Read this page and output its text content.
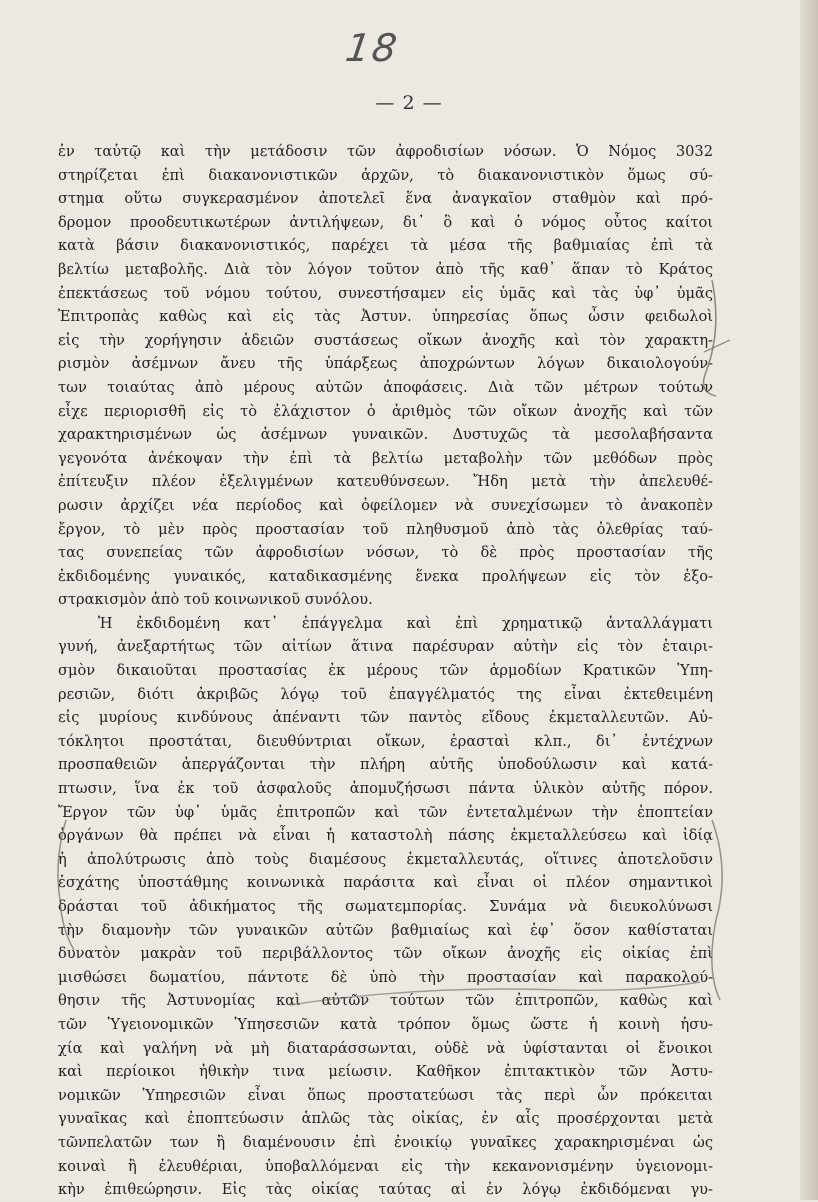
18
— 2 —
ἐν ταὐτῷ καὶ τὴν μετάδοσιν τῶν ἀφροδισίων νόσων. Ὁ Νόμος 3032
στηρίζεται ἐπὶ διακανονιστικῶν ἀρχῶν, τὸ διακανονιστικὸν ὅμως σύ-
στημα οὕτω συγκερασμένον ἀποτελεῖ ἕνα ἀναγκαῖον σταθμὸν καὶ πρό-
δρομον προοδευτικωτέρων ἀντιλήψεων, δι᾽ ὃ καὶ ὁ νόμος οὗτος καίτοι
κατὰ βάσιν διακανονιστικός, παρέχει τὰ μέσα τῆς βαθμιαίας ἐπὶ τὰ
βελτίω μεταβολῆς. Διὰ τὸν λόγον τοῦτον ἀπὸ τῆς καθ᾽ ἅπαν τὸ Κράτος
ἐπεκτάσεως τοῦ νόμου τούτου, συνεστήσαμεν εἰς ὑμᾶς καὶ τὰς ὑφ᾽ ὑμᾶς
Ἐπιτροπὰς καθὼς καὶ εἰς τὰς Ἀστυν. ὑπηρεσίας ὅπως ὦσιν φειδωλοὶ
εἰς τὴν χορήγησιν ἀδειῶν συστάσεως οἴκων ἀνοχῆς καὶ τὸν χαρακτη-
ρισμὸν ἀσέμνων ἄνευ τῆς ὑπάρξεως ἀποχρώντων λόγων δικαιολογούν-
των τοιαύτας ἀπὸ μέρους αὐτῶν ἀποφάσεις. Διὰ τῶν μέτρων τούτων
εἶχε περιορισθῆ εἰς τὸ ἐλάχιστον ὁ ἀριθμὸς τῶν οἴκων ἀνοχῆς καὶ τῶν
χαρακτηρισμένων ὡς ἀσέμνων γυναικῶν. Δυστυχῶς τὰ μεσολαβήσαντα
γεγονότα ἀνέκοψαν τὴν ἐπὶ τὰ βελτίω μεταβολὴν τῶν μεθόδων πρὸς
ἐπίτευξιν πλέον ἐξελιγμένων κατευθύνσεων. Ἤδη μετὰ τὴν ἀπελευθέ-
ρωσιν ἀρχίζει νέα περίοδος καὶ ὀφείλομεν νὰ συνεχίσωμεν τὸ ἀνακοπὲν
ἔργον, τὸ μὲν πρὸς προστασίαν τοῦ πληθυσμοῦ ἀπὸ τὰς ὀλεθρίας ταύ-
τας συνεπείας τῶν ἀφροδισίων νόσων, τὸ δὲ πρὸς προστασίαν τῆς
ἐκδιδομένης γυναικός, καταδικασμένης ἕνεκα προλήψεων εἰς τὸν ἐξο-
στρακισμὸν ἀπὸ τοῦ κοινωνικοῦ συνόλου.
Ἡ ἐκδιδομένη κατ᾽ ἐπάγγελμα καὶ ἐπὶ χρηματικῷ ἀνταλλάγματι
γυνή, ἀνεξαρτήτως τῶν αἰτίων ἅτινα παρέσυραν αὐτὴν εἰς τὸν ἑταιρι-
σμὸν δικαιοῦται προστασίας ἐκ μέρους τῶν ἁρμοδίων Κρατικῶν Ὑπη-
ρεσιῶν, διότι ἀκριβῶς λόγῳ τοῦ ἐπαγγέλματός της εἶναι ἐκτεθειμένη
εἰς μυρίους κινδύνους ἀπέναντι τῶν παντὸς εἴδους ἐκμεταλλευτῶν. Αὐ-
τόκλητοι προστάται, διευθύντριαι οἴκων, ἐρασταὶ κλπ., δι᾽ ἐντέχνων
προσπαθειῶν ἀπεργάζονται τὴν πλήρη αὐτῆς ὑποδούλωσιν καὶ κατά-
πτωσιν, ἵνα ἐκ τοῦ ἀσφαλοῦς ἀπομυζήσωσι πάντα ὑλικὸν αὐτῆς πόρον.
Ἔργον τῶν ὑφ᾽ ὑμᾶς ἐπιτροπῶν καὶ τῶν ἐντεταλμένων τὴν ἐποπτείαν
ὀργάνων θὰ πρέπει νὰ εἶναι ἡ καταστολὴ πάσης ἐκμεταλλεύσεω καὶ ἰδίᾳ
ἡ ἀπολύτρωσις ἀπὸ τοὺς διαμέσους ἐκμεταλλευτάς, οἵτινες ἀποτελοῦσιν
ἐσχάτης ὑποστάθμης κοινωνικὰ παράσιτα καὶ εἶναι οἱ πλέον σημαντικοὶ
δράσται τοῦ ἀδικήματος τῆς σωματεμπορίας. Συνάμα νὰ διευκολύνωσι
τὴν διαμονὴν τῶν γυναικῶν αὐτῶν βαθμιαίως καὶ ἐφ᾽ ὅσον καθίσταται
δυνατὸν μακρὰν τοῦ περιβάλλοντος τῶν οἴκων ἀνοχῆς εἰς οἰκίας ἐπὶ
μισθώσει δωματίου, πάντοτε δὲ ὑπὸ τὴν προστασίαν καὶ παρακολού-
θησιν τῆς Ἀστυνομίας καὶ αὐτῶν τούτων τῶν ἐπιτροπῶν, καθὼς καὶ
τῶν Ὑγειονομικῶν Ὑπησεσιῶν κατὰ τρόπον ὅμως ὥστε ἡ κοινὴ ἡσυ-
χία καὶ γαλήνη νὰ μὴ διαταράσσωνται, οὐδὲ νὰ ὑφίστανται οἱ ἔνοικοι
καὶ περίοικοι ἠθικὴν τινα μείωσιν. Καθῆκον ἐπιτακτικὸν τῶν Ἀστυ-
νομικῶν Ὑπηρεσιῶν εἶναι ὅπως προστατεύωσι τὰς περὶ ὧν πρόκειται
γυναῖκας καὶ ἐποπτεύωσιν ἁπλῶς τὰς οἰκίας, ἐν αἷς προσέρχονται μετὰ
τῶνπελατῶν των ἢ διαμένουσιν ἐπὶ ἐνοικίῳ γυναῖκες χαρακηρισμέναι ὡς
κοιναὶ ἢ ἐλευθέριαι, ὑποβαλλόμεναι εἰς τὴν κεκανονισμένην ὑγειονομι-
κὴν ἐπιθεώρησιν. Εἰς τὰς οἰκίας ταύτας αἱ ἐν λόγῳ ἐκδιδόμεναι γυ-
